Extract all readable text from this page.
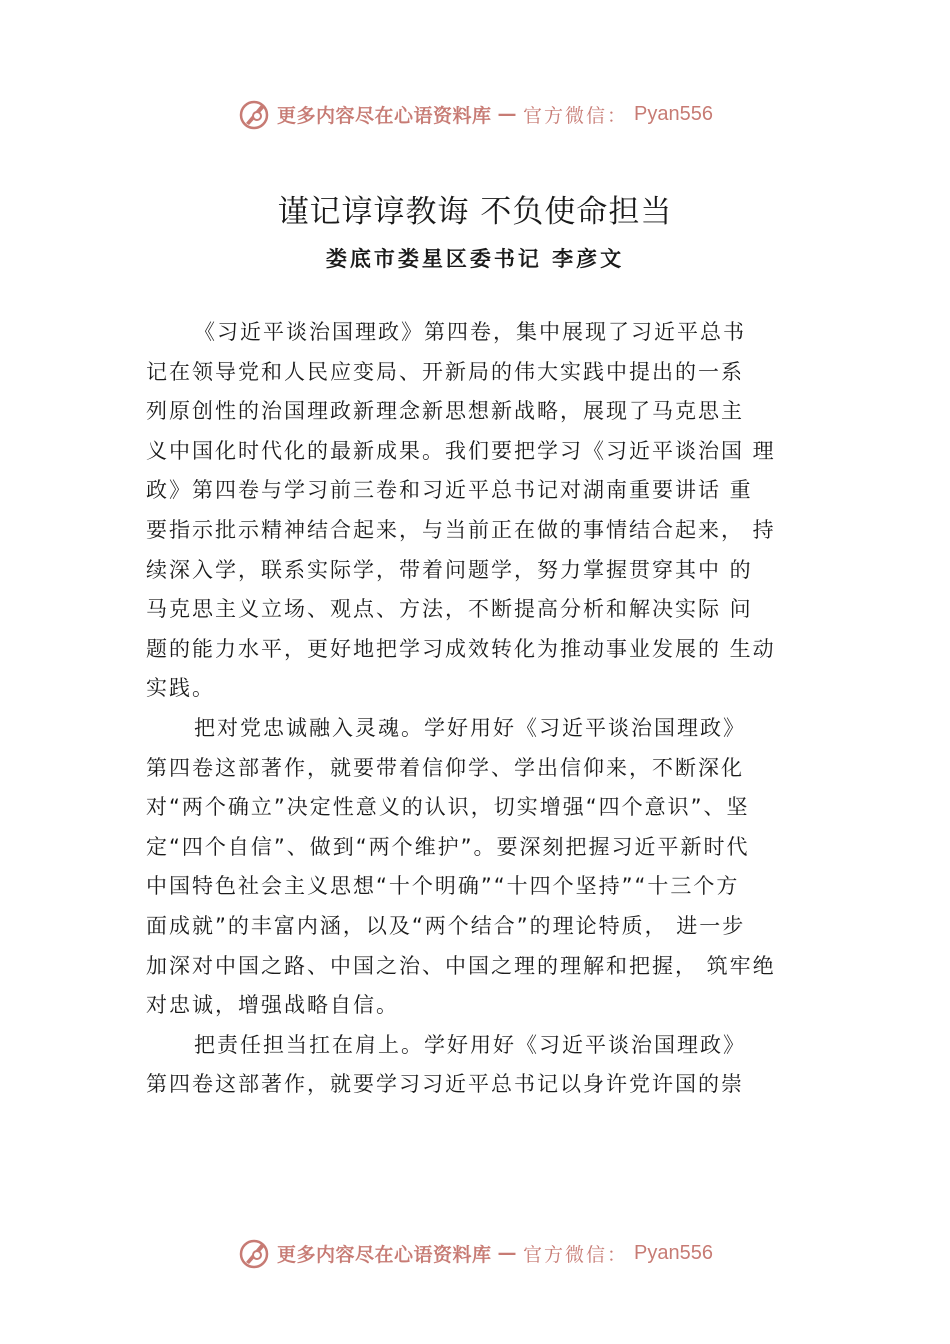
更多内容尽在心语资料库 — 官方微信： Pyan556
谨记谆谆教诲 不负使命担当
娄底市娄星区委书记 李彦文
《习近平谈治国理政》第四卷，集中展现了习近平总书
记在领导党和人民应变局、开新局的伟大实践中提出的一系
列原创性的治国理政新理念新思想新战略，展现了马克思主
义中国化时代化的最新成果。我们要把学习《习近平谈治国 理
政》第四卷与学习前三卷和习近平总书记对湖南重要讲话 重
要指示批示精神结合起来，与当前正在做的事情结合起来， 持
续深入学，联系实际学，带着问题学，努力掌握贯穿其中 的
马克思主义立场、观点、方法，不断提高分析和解决实际 问
题的能力水平，更好地把学习成效转化为推动事业发展的 生动
实践。
把对党忠诚融入灵魂。学好用好《习近平谈治国理政》
第四卷这部著作，就要带着信仰学、学出信仰来，不断深化
对“两个确立”决定性意义的认识，切实增强“四个意识”、坚
定“四个自信”、做到“两个维护”。要深刻把握习近平新时代
中国特色社会主义思想“十个明确”“十四个坚持”“十三个方
面成就”的丰富内涵，以及“两个结合”的理论特质， 进一步
加深对中国之路、中国之治、中国之理的理解和把握， 筑牢绝
对忠诚，增强战略自信。
把责任担当扛在肩上。学好用好《习近平谈治国理政》
第四卷这部著作，就要学习习近平总书记以身许党许国的崇
更多内容尽在心语资料库 — 官方微信： Pyan556
